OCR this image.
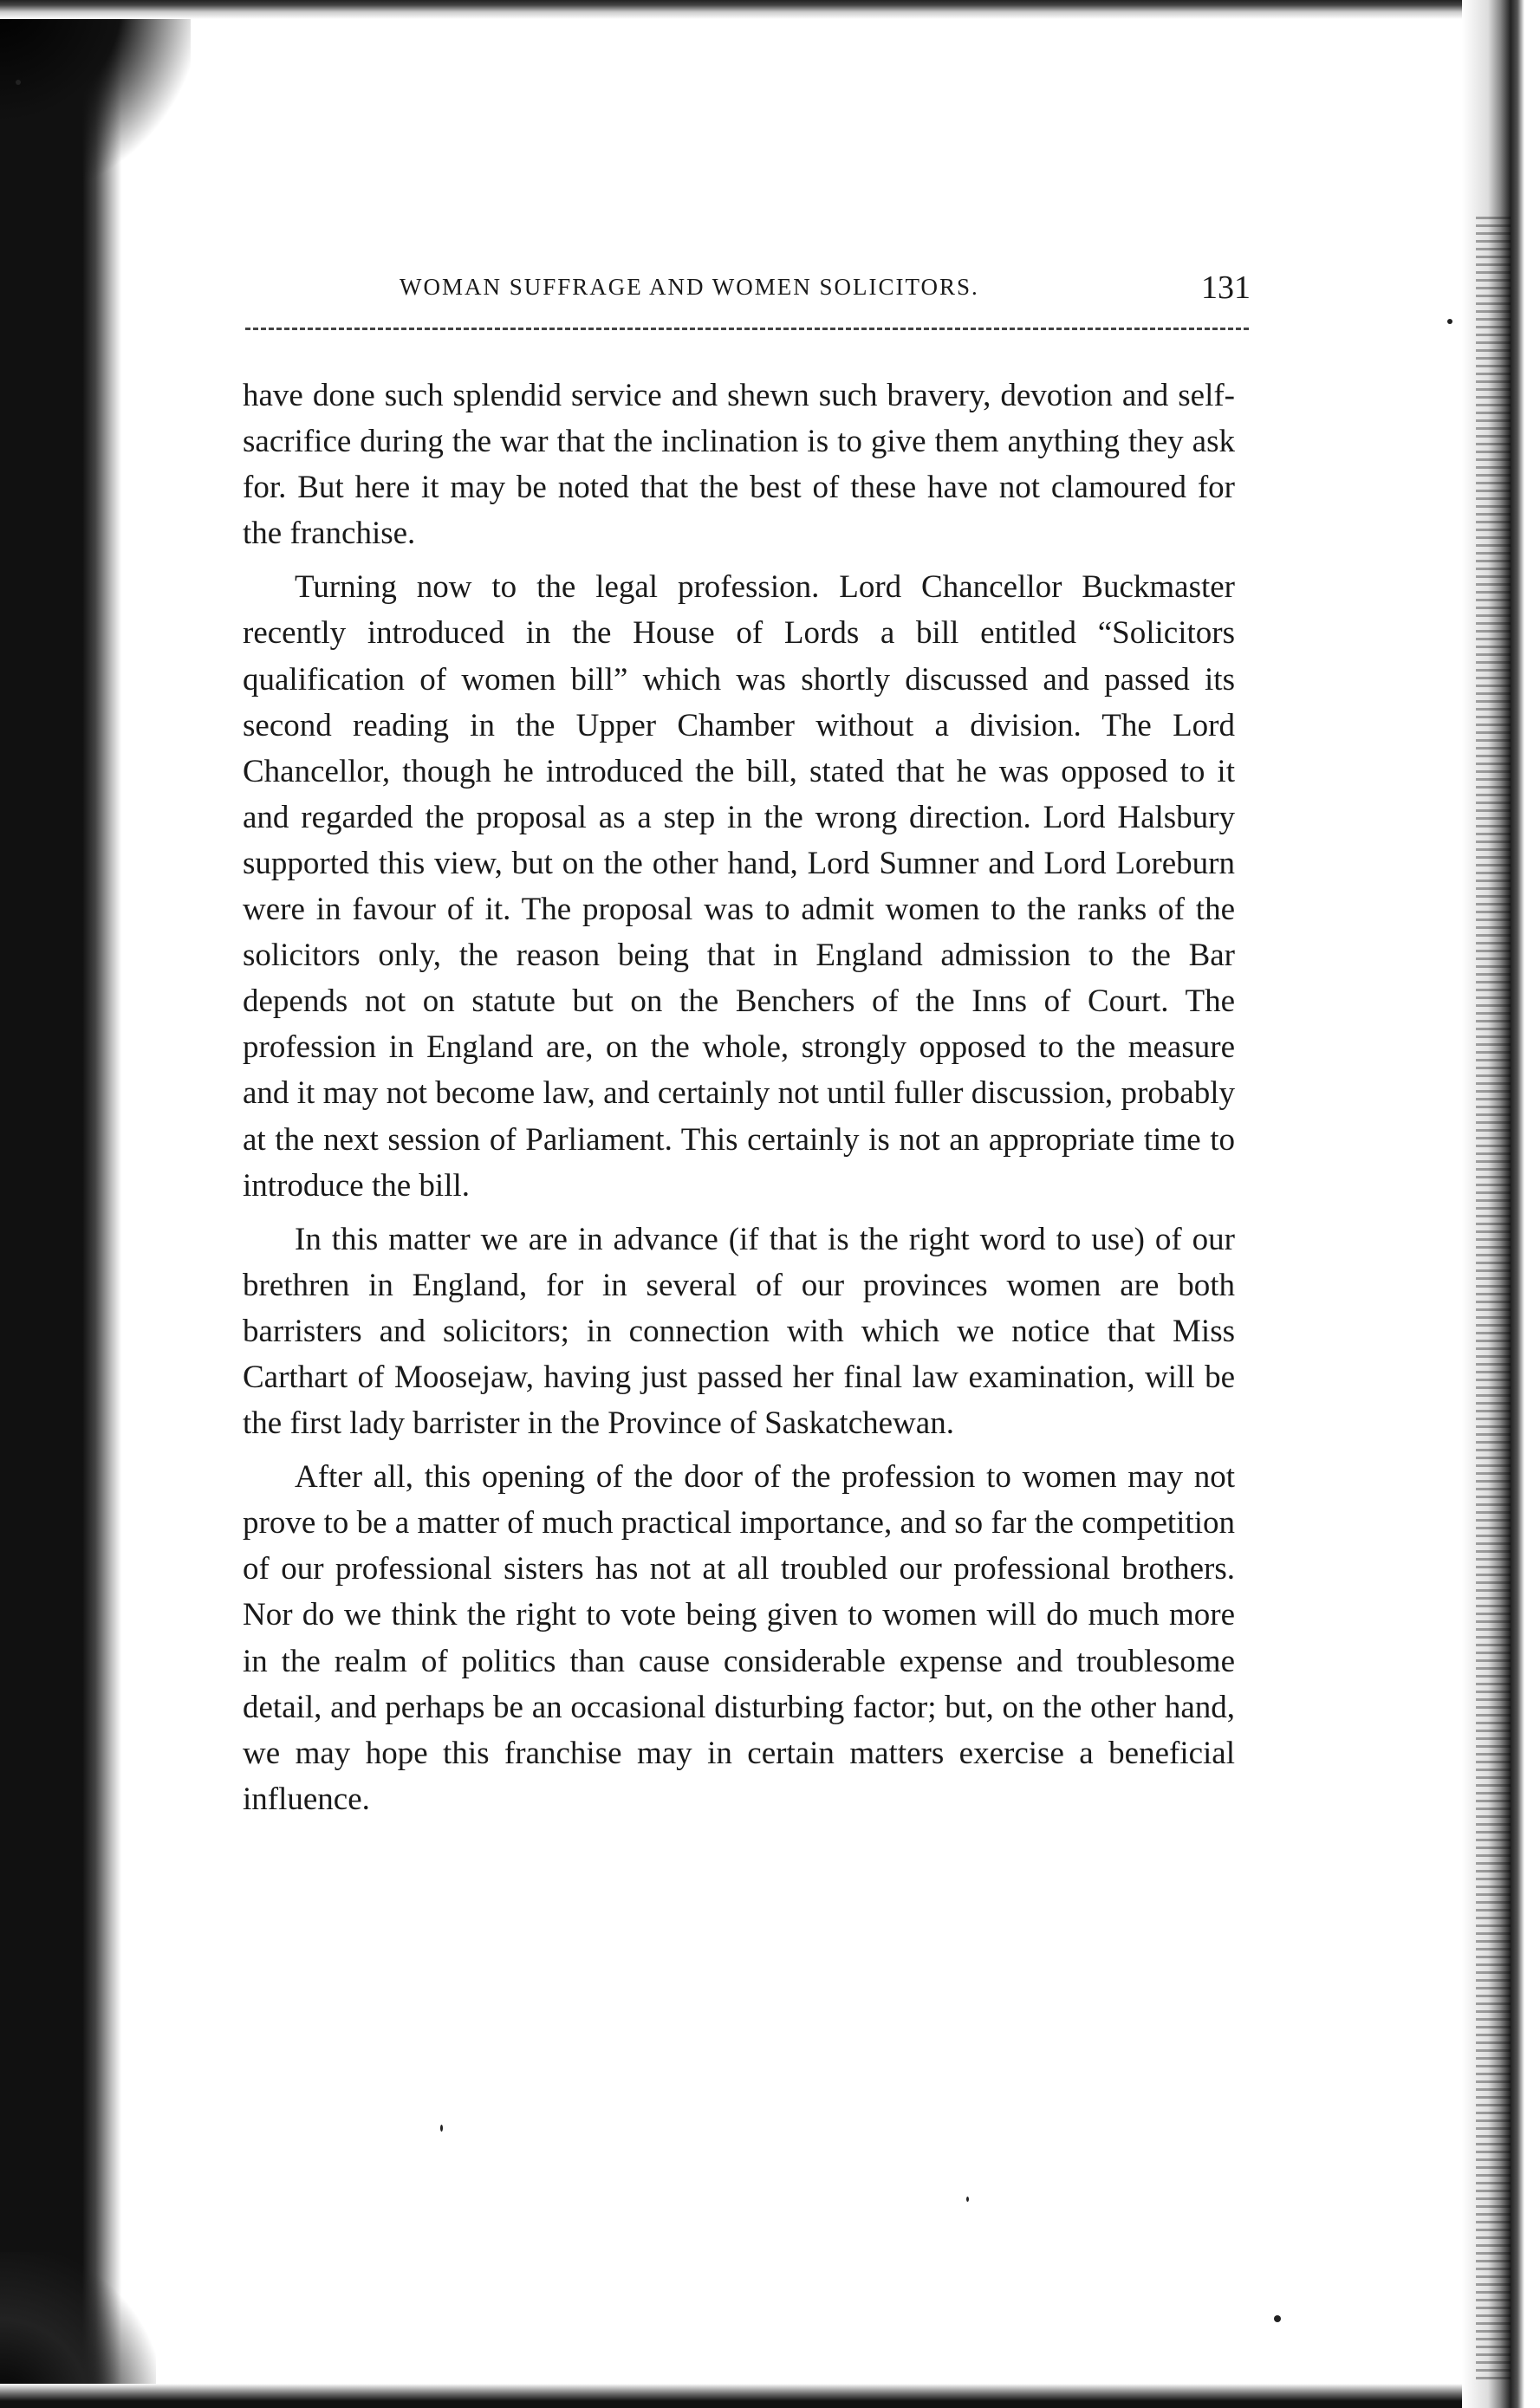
WOMAN SUFFRAGE AND WOMEN SOLICITORS.	131

have done such splendid service and shewn such bravery, devotion and self-sacrifice during the war that the inclination is to give them anything they ask for. But here it may be noted that the best of these have not clamoured for the franchise.

Turning now to the legal profession. Lord Chancellor Buckmaster recently introduced in the House of Lords a bill entitled “Solicitors qualification of women bill” which was shortly discussed and passed its second reading in the Upper Chamber without a division. The Lord Chancellor, though he introduced the bill, stated that he was opposed to it and regarded the proposal as a step in the wrong direction. Lord Halsbury supported this view, but on the other hand, Lord Sumner and Lord Loreburn were in favour of it. The proposal was to admit women to the ranks of the solicitors only, the reason being that in England admission to the Bar depends not on statute but on the Benchers of the Inns of Court. The profession in England are, on the whole, strongly opposed to the measure and it may not become law, and certainly not until fuller discussion, probably at the next session of Parliament. This certainly is not an appropriate time to introduce the bill.

In this matter we are in advance (if that is the right word to use) of our brethren in England, for in several of our provinces women are both barristers and solicitors; in connection with which we notice that Miss Carthart of Moosejaw, having just passed her final law examination, will be the first lady barrister in the Province of Saskatchewan.

After all, this opening of the door of the profession to women may not prove to be a matter of much practical importance, and so far the competition of our professional sisters has not at all troubled our professional brothers. Nor do we think the right to vote being given to women will do much more in the realm of politics than cause considerable expense and troublesome detail, and perhaps be an occasional disturbing factor; but, on the other hand, we may hope this franchise may in certain matters exercise a beneficial influence.
